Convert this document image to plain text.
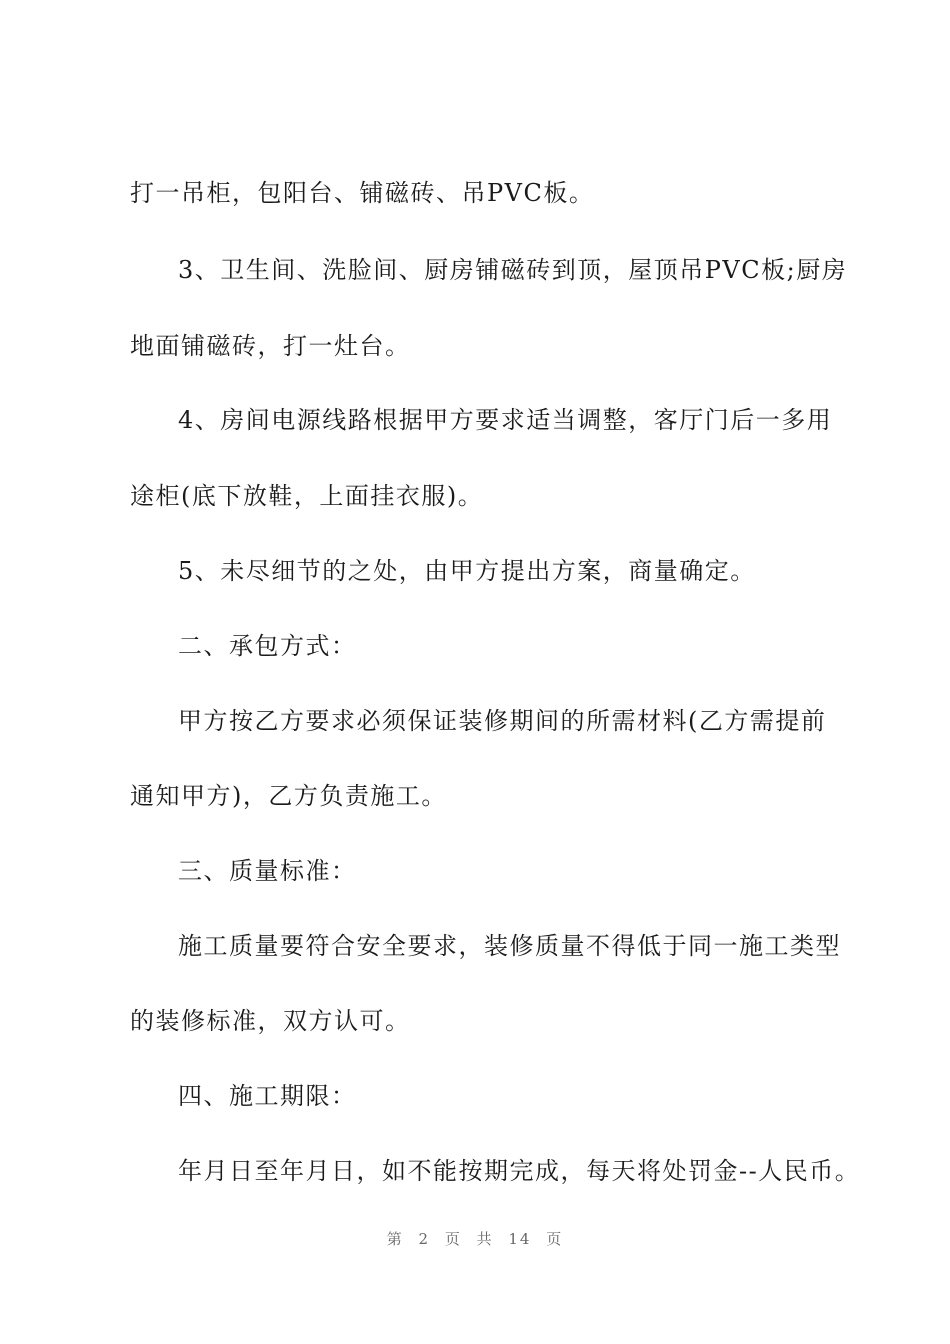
打一吊柜，包阳台、铺磁砖、吊PVC板。
3、卫生间、洗脸间、厨房铺磁砖到顶，屋顶吊PVC板;厨房
地面铺磁砖，打一灶台。
4、房间电源线路根据甲方要求适当调整，客厅门后一多用
途柜(底下放鞋，上面挂衣服)。
5、未尽细节的之处，由甲方提出方案，商量确定。
二、承包方式：
甲方按乙方要求必须保证装修期间的所需材料(乙方需提前
通知甲方)，乙方负责施工。
三、质量标准：
施工质量要符合安全要求，装修质量不得低于同一施工类型
的装修标准，双方认可。
四、施工期限：
年月日至年月日，如不能按期完成，每天将处罚金--人民币。
第 2 页 共 14 页
